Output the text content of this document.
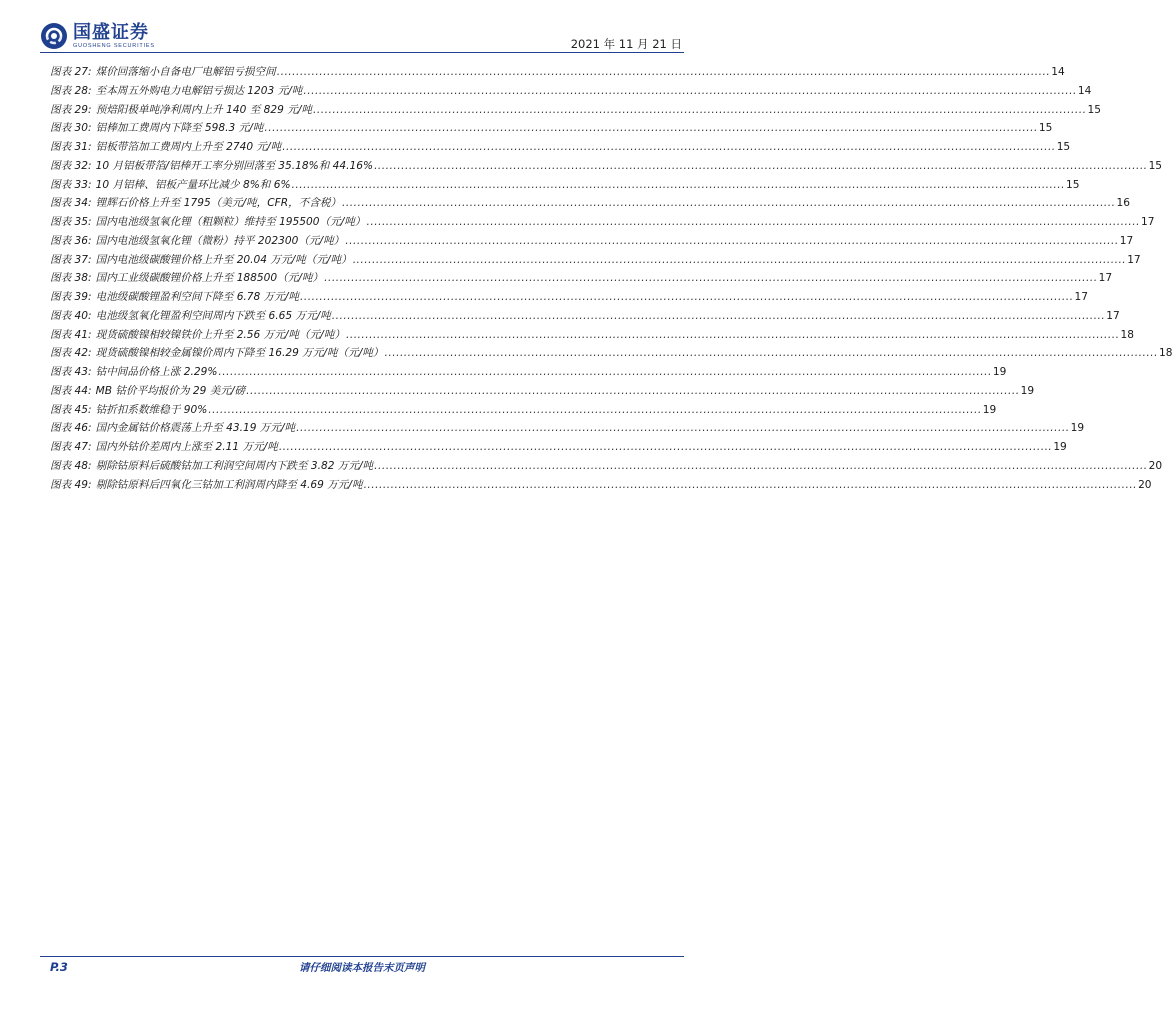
国盛证券
GUOSHENG SECURITIES	2021 年 11 月 21 日
图表 27: 煤价回落缩小自备电厂电解铝亏损空间 ........................................................................................................................................................................................................ 14
图表 28: 至本周五外购电力电解铝亏损达 1203 元/吨 ........................................................................................................................................................................................................ 14
图表 29: 预焙阳极单吨净利周内上升 140 至 829 元/吨 ........................................................................................................................................................................................................ 15
图表 30: 铝棒加工费周内下降至 598.3 元/吨 ........................................................................................................................................................................................................ 15
图表 31: 铝板带箔加工费周内上升至 2740 元/吨 ........................................................................................................................................................................................................ 15
图表 32: 10 月铝板带箔/铝棒开工率分别回落至 35.18%和 44.16% ........................................................................................................................................................................................................ 15
图表 33: 10 月铝棒、铝板产量环比减少 8%和 6% ........................................................................................................................................................................................................ 15
图表 34: 锂辉石价格上升至 1795（美元/吨，CFR，不含税） ........................................................................................................................................................................................................ 16
图表 35: 国内电池级氢氧化锂（粗颗粒）维持至 195500（元/吨） ........................................................................................................................................................................................................ 17
图表 36: 国内电池级氢氧化锂（微粉）持平 202300（元/吨） ........................................................................................................................................................................................................ 17
图表 37: 国内电池级碳酸锂价格上升至 20.04 万元/吨（元/吨） ........................................................................................................................................................................................................ 17
图表 38: 国内工业级碳酸锂价格上升至 188500（元/吨） ........................................................................................................................................................................................................ 17
图表 39: 电池级碳酸锂盈利空间下降至 6.78 万元/吨 ........................................................................................................................................................................................................ 17
图表 40: 电池级氢氧化锂盈利空间周内下跌至 6.65 万元/吨 ........................................................................................................................................................................................................ 17
图表 41: 现货硫酸镍相较镍铁价上升至 2.56 万元/吨（元/吨） ........................................................................................................................................................................................................ 18
图表 42: 现货硫酸镍相较金属镍价周内下降至 16.29 万元/吨（元/吨） ........................................................................................................................................................................................................ 18
图表 43: 钴中间品价格上涨 2.29% ........................................................................................................................................................................................................ 19
图表 44: MB 钴价平均报价为 29 美元/磅 ........................................................................................................................................................................................................ 19
图表 45: 钴折扣系数维稳于 90% ........................................................................................................................................................................................................ 19
图表 46: 国内金属钴价格震荡上升至 43.19 万元/吨 ........................................................................................................................................................................................................ 19
图表 47: 国内外钴价差周内上涨至 2.11 万元/吨 ........................................................................................................................................................................................................ 19
图表 48: 剔除钴原料后硫酸钴加工利润空间周内下跌至 3.82 万元/吨 ........................................................................................................................................................................................................ 20
图表 49: 剔除钴原料后四氧化三钴加工利润周内降至 4.69 万元/吨 ........................................................................................................................................................................................................ 20
P.3	请仔细阅读本报告末页声明
